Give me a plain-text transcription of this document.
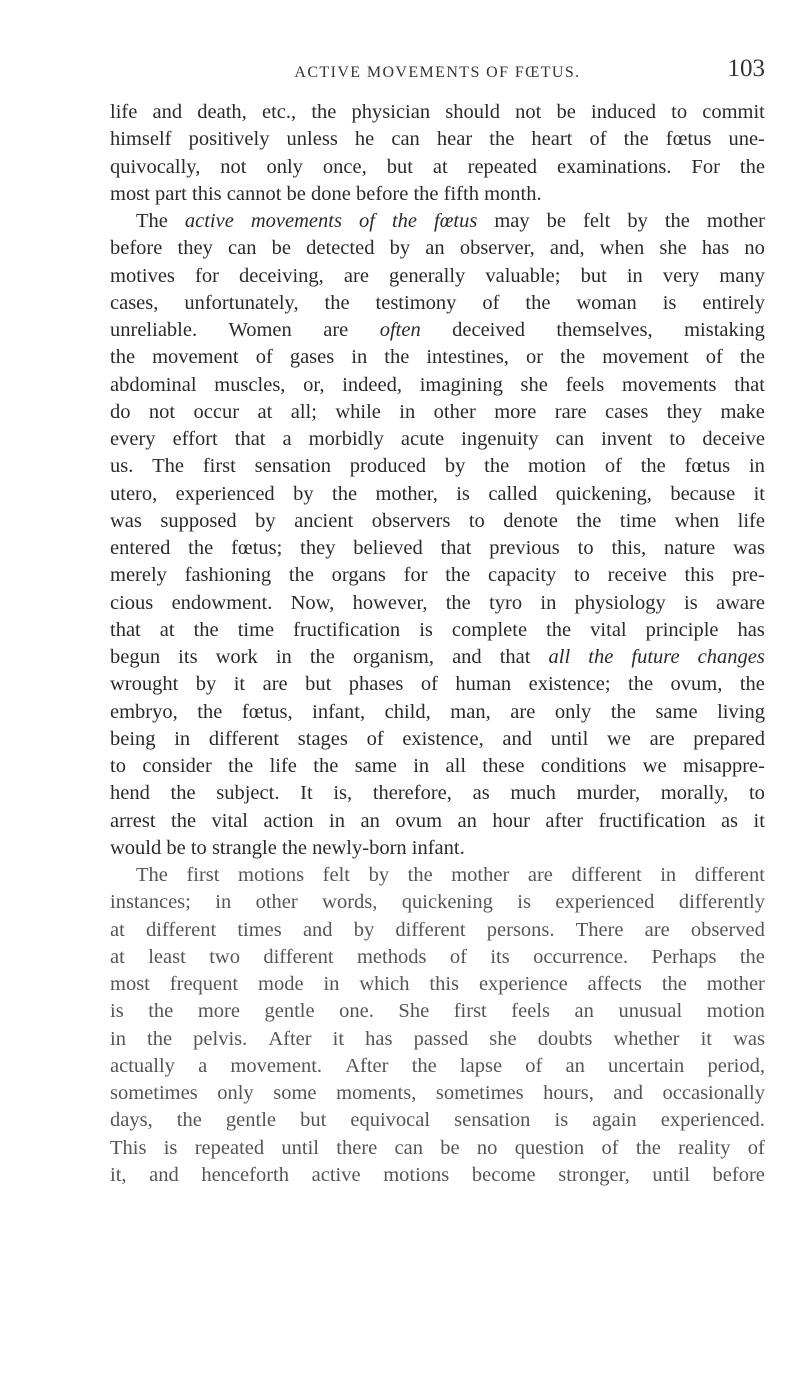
ACTIVE MOVEMENTS OF FŒTUS.	103
life and death, etc., the physician should not be induced to commit
himself positively unless he can hear the heart of the fœtus une-
quivocally, not only once, but at repeated examinations. For the
most part this cannot be done before the fifth month.
The active movements of the fœtus may be felt by the mother
before they can be detected by an observer, and, when she has no
motives for deceiving, are generally valuable; but in very many
cases, unfortunately, the testimony of the woman is entirely
unreliable. Women are often deceived themselves, mistaking
the movement of gases in the intestines, or the movement of the
abdominal muscles, or, indeed, imagining she feels movements that
do not occur at all; while in other more rare cases they make
every effort that a morbidly acute ingenuity can invent to deceive
us. The first sensation produced by the motion of the fœtus in
utero, experienced by the mother, is called quickening, because it
was supposed by ancient observers to denote the time when life
entered the fœtus; they believed that previous to this, nature was
merely fashioning the organs for the capacity to receive this pre-
cious endowment. Now, however, the tyro in physiology is aware
that at the time fructification is complete the vital principle has
begun its work in the organism, and that all the future changes
wrought by it are but phases of human existence; the ovum, the
embryo, the fœtus, infant, child, man, are only the same living
being in different stages of existence, and until we are prepared
to consider the life the same in all these conditions we misappre-
hend the subject. It is, therefore, as much murder, morally, to
arrest the vital action in an ovum an hour after fructification as it
would be to strangle the newly-born infant.
The first motions felt by the mother are different in different
instances; in other words, quickening is experienced differently
at different times and by different persons. There are observed
at least two different methods of its occurrence. Perhaps the
most frequent mode in which this experience affects the mother
is the more gentle one. She first feels an unusual motion
in the pelvis. After it has passed she doubts whether it was
actually a movement. After the lapse of an uncertain period,
sometimes only some moments, sometimes hours, and occasionally
days, the gentle but equivocal sensation is again experienced.
This is repeated until there can be no question of the reality of
it, and henceforth active motions become stronger, until before
